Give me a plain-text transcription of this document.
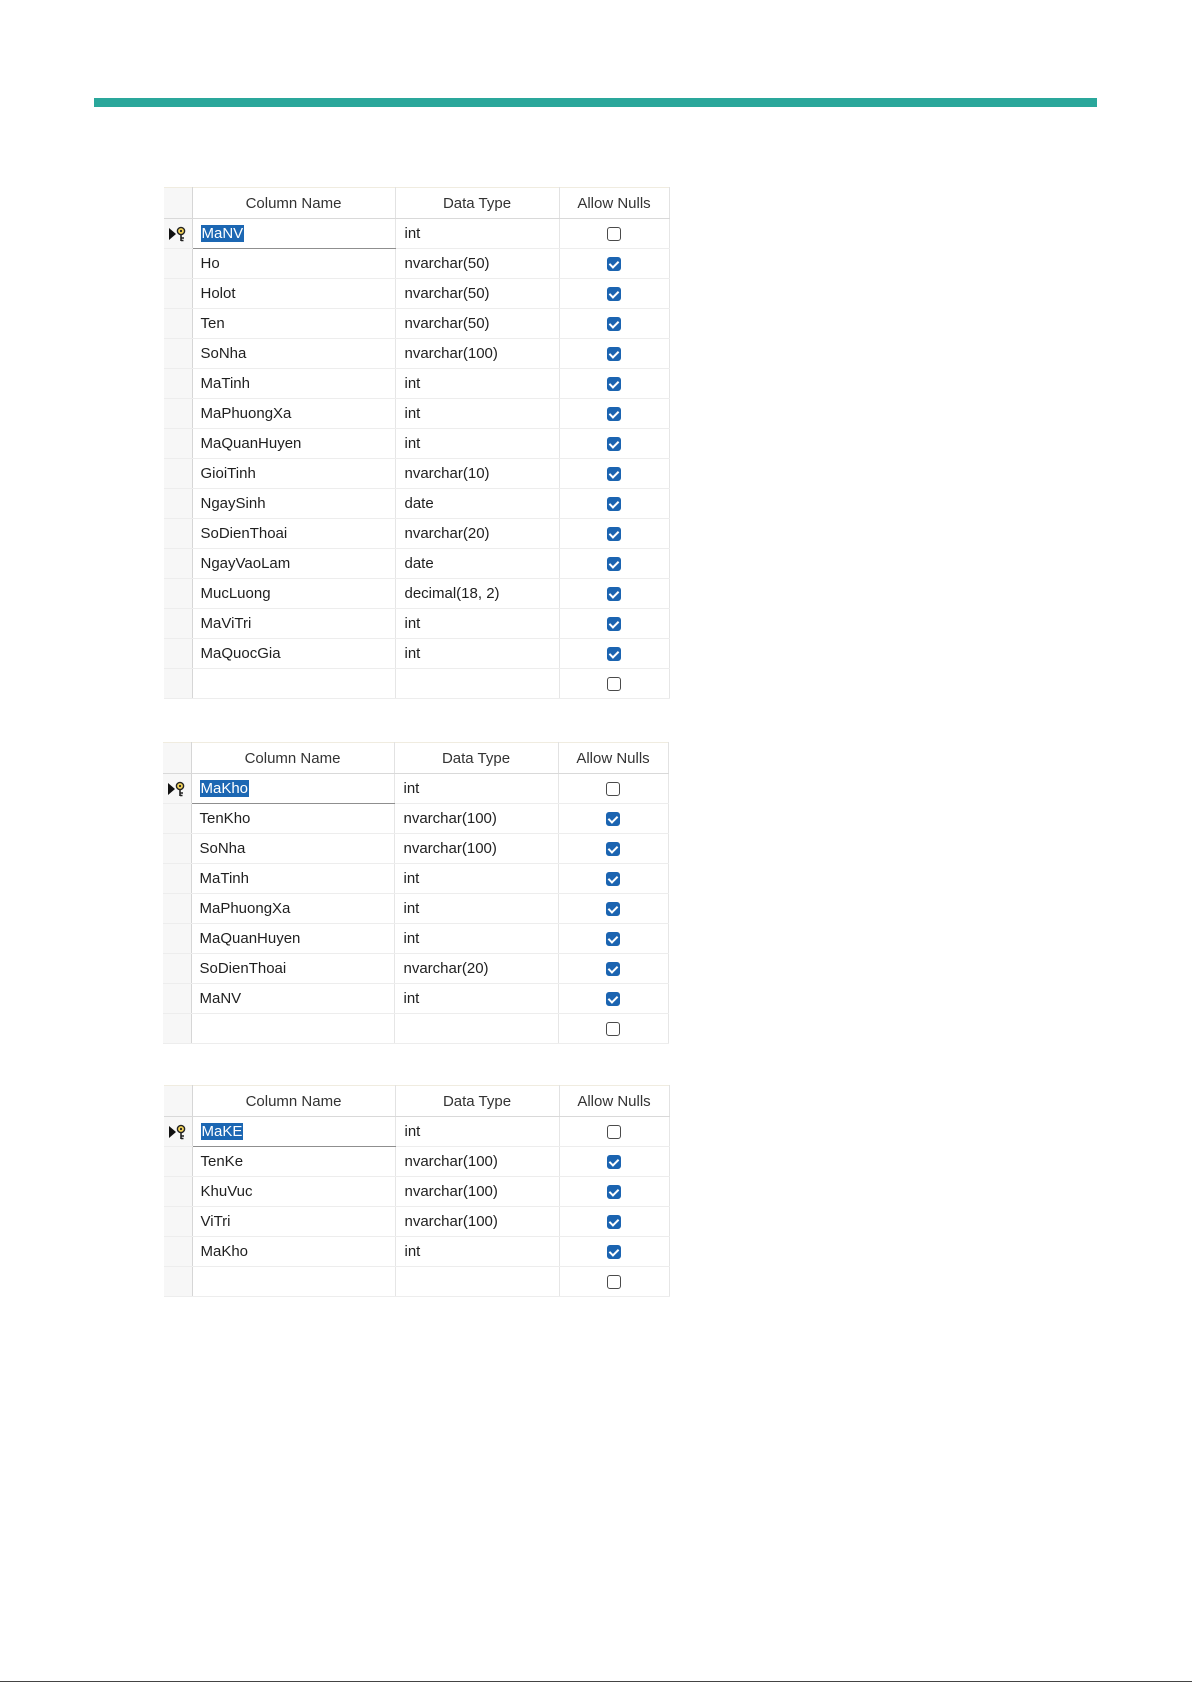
	Column Name	Data Type	Allow Nulls

	MaNV	int	
	Ho	nvarchar(50)	
	Holot	nvarchar(50)	
	Ten	nvarchar(50)	
	SoNha	nvarchar(100)	
	MaTinh	int	
	MaPhuongXa	int	
	MaQuanHuyen	int	
	GioiTinh	nvarchar(10)	
	NgaySinh	date	
	SoDienThoai	nvarchar(20)	
	NgayVaoLam	date	
	MucLuong	decimal(18, 2)	
	MaViTri	int	
	MaQuocGia	int	

	Column Name	Data Type	Allow Nulls

	MaKho	int	
	TenKho	nvarchar(100)	
	SoNha	nvarchar(100)	
	MaTinh	int	
	MaPhuongXa	int	
	MaQuanHuyen	int	
	SoDienThoai	nvarchar(20)	
	MaNV	int	

	Column Name	Data Type	Allow Nulls

	MaKE	int	
	TenKe	nvarchar(100)	
	KhuVuc	nvarchar(100)	
	ViTri	nvarchar(100)	
	MaKho	int	
